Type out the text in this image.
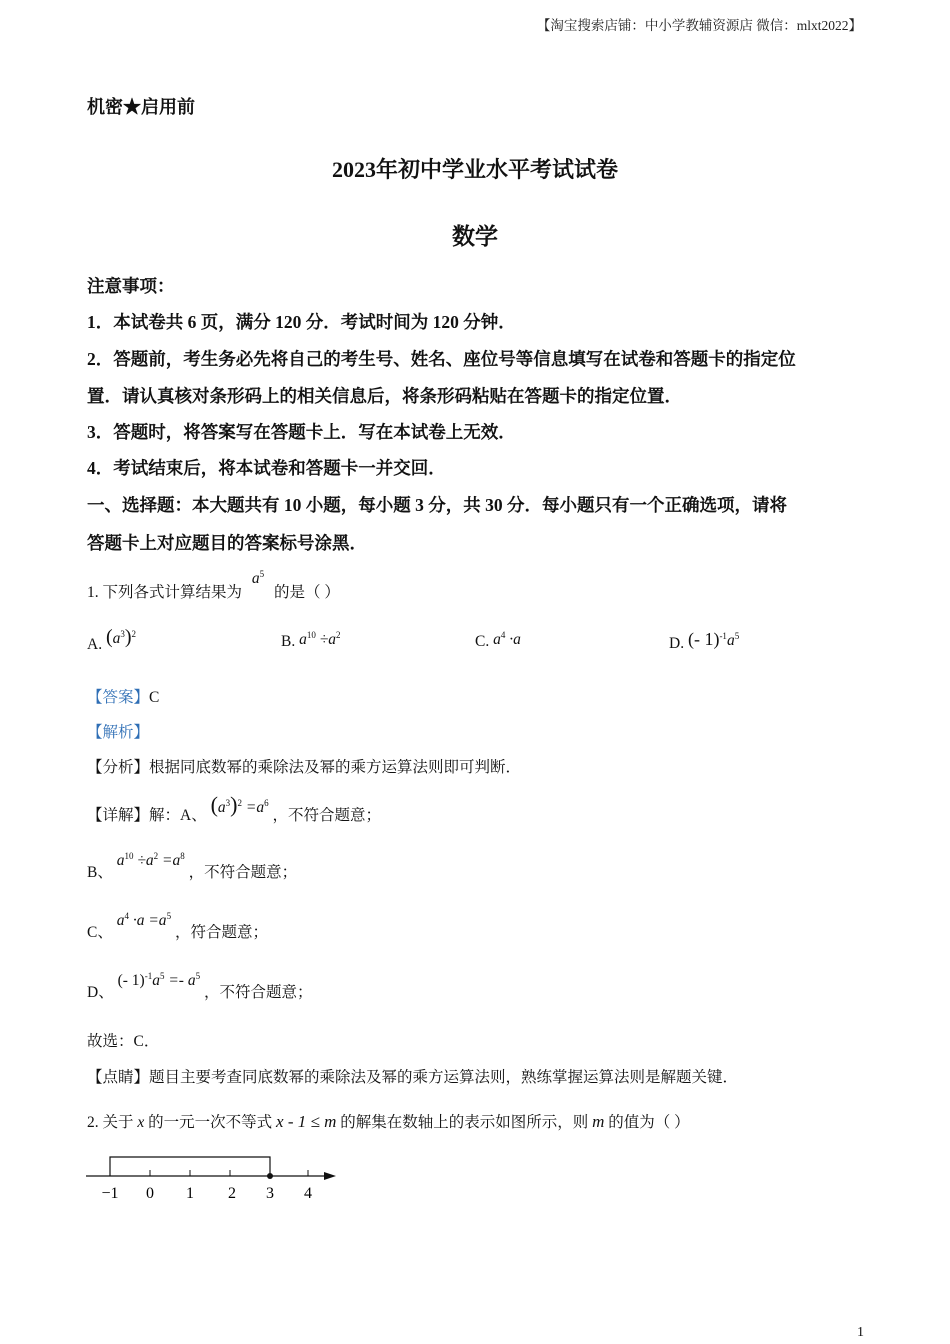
【淘宝搜索店铺：中小学教辅资源店 微信：mlxt2022】
机密★启用前
2023年初中学业水平考试试卷
数学
注意事项：
1．本试卷共 6 页，满分 120 分．考试时间为 120 分钟．
2．答题前，考生务必先将自己的考生号、姓名、座位号等信息填写在试卷和答题卡的指定位
置．请认真核对条形码上的相关信息后，将条形码粘贴在答题卡的指定位置．
3．答题时，将答案写在答题卡上．写在本试卷上无效．
4．考试结束后，将本试卷和答题卡一并交回．
一、选择题：本大题共有 10 小题，每小题 3 分，共 30 分．每小题只有一个正确选项，请将
答题卡上对应题目的答案标号涂黑．
1. 下列各式计算结果为 $a^5$ 的是（ ）
A. $(a^3)^2$	B. $a^{10} \div a^2$	C. $a^4 \cdot a$	D. (- $1)^{-1}a^5$
【答案】C
【解析】
【分析】根据同底数幂的乘除法及幂的乘方运算法则即可判断．
【详解】解：A、 $(a^3)^2 =a^6$ ，不符合题意；
B、 $a^{10} \div a^2 =a^8$ ，不符合题意；
C、 $a^4 \cdot a =a^5$ ，符合题意；
D、 (- $1)^{-1}a^5 =- a^5$ ，不符合题意；
故选：C．
【点睛】题目主要考查同底数幂的乘除法及幂的乘方运算法则，熟练掌握运算法则是解题关键．
2. 关于 x 的一元一次不等式 x - 1 ≤ m 的解集在数轴上的表示如图所示，则 m 的值为（ ）
−1 0 1 2 3 4
1
